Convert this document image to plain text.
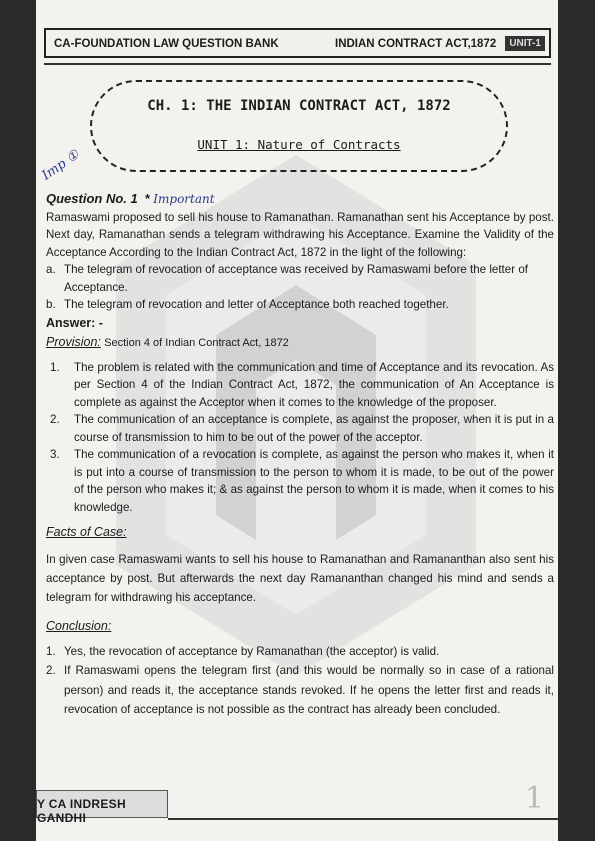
CA-FOUNDATION LAW QUESTION BANK	INDIAN CONTRACT ACT,1872	UNIT-1
CH. 1: THE INDIAN CONTRACT ACT, 1872
UNIT 1: Nature of Contracts
Imp ①
Question No. 1 * Important

Ramaswami proposed to sell his house to Ramanathan. Ramanathan sent his Acceptance by post. Next day, Ramanathan sends a telegram withdrawing his Acceptance. Examine the Validity of the Acceptance According to the Indian Contract Act, 1872 in the light of the following:

a. The telegram of revocation of acceptance was received by Ramaswami before the letter of Acceptance.
b. The telegram of revocation and letter of Acceptance both reached together.
Answer: -
Provision: Section 4 of Indian Contract Act, 1872
1.	The problem is related with the communication and time of Acceptance and its revocation. As per Section 4 of the Indian Contract Act, 1872, the communication of An Acceptance is complete as against the Acceptor when it comes to the knowledge of the proposer.
2.	The communication of an acceptance is complete, as against the proposer, when it is put in a course of transmission to him to be out of the power of the acceptor.
3.	The communication of a revocation is complete, as against the person who makes it, when it is put into a course of transmission to the person to whom it is made, to be out of the power of the person who makes it; & as against the person to whom it is made, when it comes to his knowledge.
Facts of Case:

In given case Ramaswami wants to sell his house to Ramanathan and Ramananthan also sent his acceptance by post. But afterwards the next day Ramananthan changed his mind and sends a telegram for withdrawing his acceptance.

Conclusion:
1. Yes, the revocation of acceptance by Ramanathan (the acceptor) is valid.
2. If Ramaswami opens the telegram first (and this would be normally so in case of a rational person) and reads it, the acceptance stands revoked. If he opens the letter first and reads it, revocation of acceptance is not possible as the contract has already been concluded.
Y CA INDRESH GANDHI
1
